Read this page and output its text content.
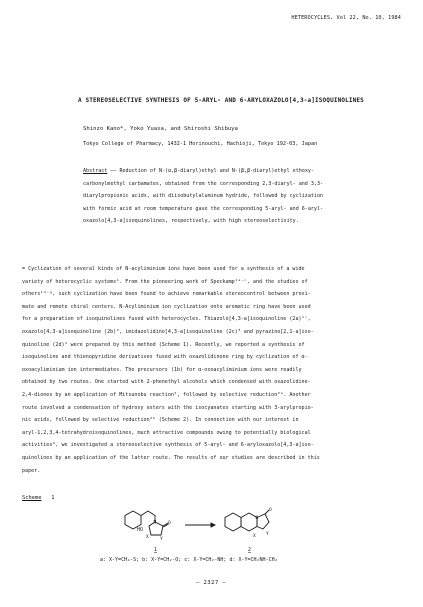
HETEROCYCLES, Vol 22, No. 10, 1984
A STEREOSELECTIVE SYNTHESIS OF 5-ARYL- AND 6-ARYLOXAZOLO[4,3-a]ISOQUINOLINES
Shinzo Kano*, Yoko Yuasa, and Shiroshi Shibuya
Tokyo College of Pharmacy, 1432-1 Horinouchi, Hachioji, Tokyo 192-03, Japan
Abstract —— Reduction of N-(α,β-diaryl)ethyl and N-(β,β-diaryl)ethyl ethoxy-
carbonylmethyl carbamates, obtained from the corresponding 2,3-diaryl- and 3,3-
diarylpropionic acids, with diisobutylaluminum hydride, followed by cyclization
with formic acid at room temperature gave the corresponding 5-aryl- and 6-aryl-
oxazolo[4,3-a]isoquinolines, respectively, with high stereoselectivity.
= Cyclization of several kinds of N-acyliminium ions have been used for a synthesis of a wide
variety of heterocyclic systems¹. From the pioneering work of Speckamp¹ᵃ⁻ᶜ, and the studies of
others¹ᵈ⁻ᵍ, such cyclization have been found to achieve remarkable stereocontrol between proxi-
mate and remote chiral centers. N-Acyliminium ion cyclization onto aromatic ring have been used
for a preparation of isoquinolines fused with heterocycles. Thiazolo[4,3-a]isoquinoline (2a)¹ᶜ,
oxazolo[4,3-a]isoquinoline (2b)², imidazolidino[4,3-a]isoquinoline (2c)³ and pyrazino[2,1-a]iso-
quinoline (2d)⁴ were prepared by this method (Scheme 1). Recently, we reported a synthesis of
isoquinoline and thienopyridine derivatives fused with oxazolidinone ring by cyclization of α-
oxoacyliminium ion intermediates. The precursors (1b) for α-oxoacyliminium ions were readily
obtained by two routes. One started with 2-phenethyl alcohols which condensed with oxazolidine-
2,4-diones by an application of Mitsunobu reaction⁵, followed by selective reduction²ᵃ. Another
route involved a condensation of hydroxy esters with the isocyanates starting with 3-arylpropio-
nic acids, followed by selective reduction²ᵇ (Scheme 2). In connection with our interest in
aryl-1,2,3,4-tetrahydroisoquinolines, much attractive compounds owing to potentially biological
activities⁶, we investigated a stereoselective synthesis of 5-aryl- and 6-aryloxazolo[4,3-a]iso-
quinolines by an application of the latter route. The results of our studies are described in this
paper.
Scheme 1
HO
N	O
X	Y
1
N
O
X Y
2
a: X-Y=CH₂-S; b: X-Y=CH₂-O; c: X-Y=CH₂-NH; d: X-Y=CH₂NH-CH₂
— 2327 —
